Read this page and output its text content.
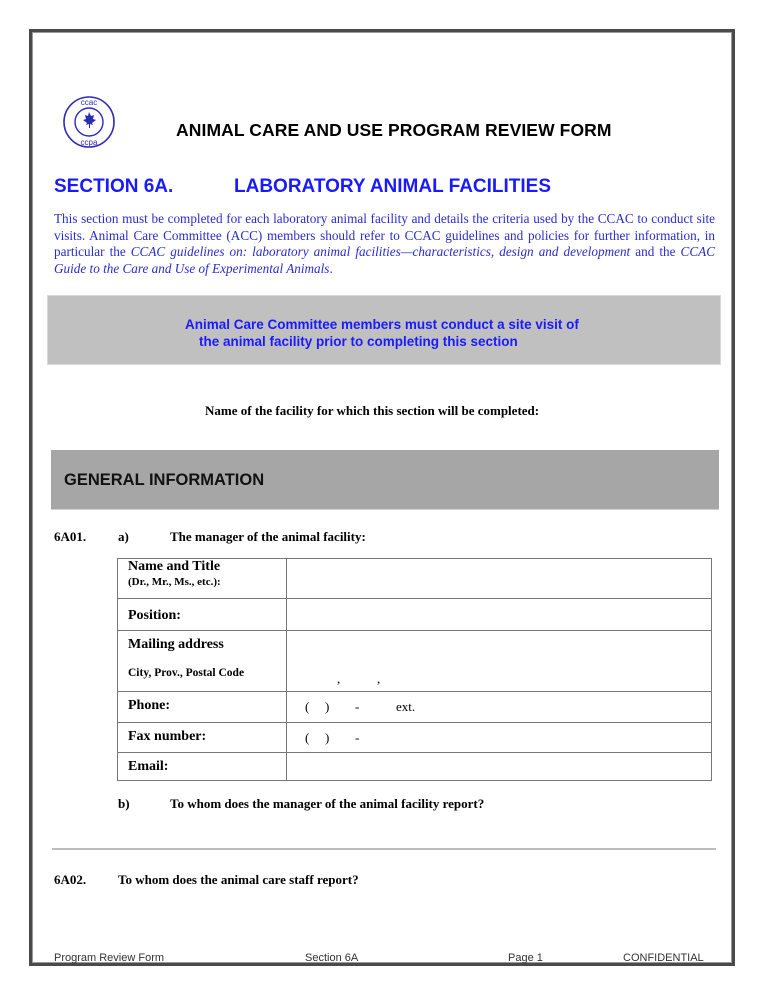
ccac
ccpa
ANIMAL CARE AND USE PROGRAM REVIEW FORM
SECTION 6A.	LABORATORY ANIMAL FACILITIES
This section must be completed for each laboratory animal facility and details the criteria used by the CCAC to conduct site visits. Animal Care Committee (ACC) members should refer to CCAC guidelines and policies for further information, in particular the CCAC guidelines on: laboratory animal facilities—characteristics, design and development and the CCAC Guide to the Care and Use of Experimental Animals.
Animal Care Committee members must conduct a site visit of
the animal facility prior to completing this section
Name of the facility for which this section will be completed:
GENERAL INFORMATION
6A01. a)	The manager of the animal facility:
Name and Title
(Dr., Mr., Ms., etc.):	

Position:	
Mailing address
City, Prov., Postal Code	, ,

Phone:	( ) - ext.

Fax number:	( ) -

Email:	
b)	To whom does the manager of the animal facility report?
6A02. To whom does the animal care staff report?
Program Review Form	Section 6A	Page 1	CONFIDENTIAL
